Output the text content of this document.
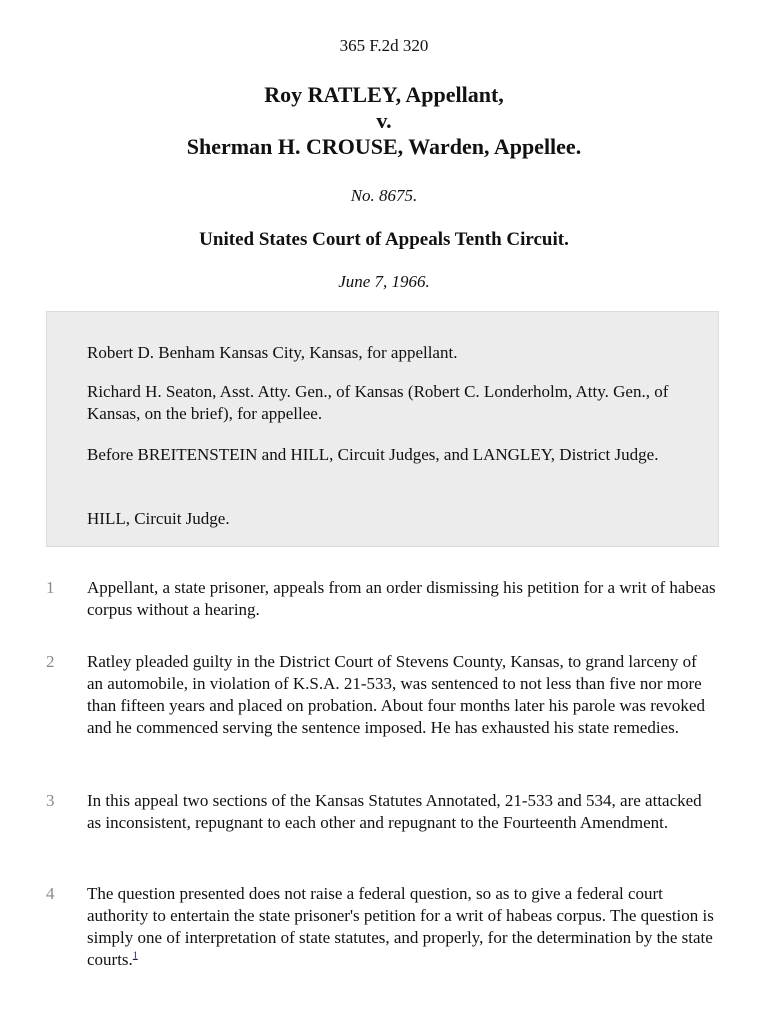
365 F.2d 320
Roy RATLEY, Appellant,
v.
Sherman H. CROUSE, Warden, Appellee.
No. 8675.
United States Court of Appeals Tenth Circuit.
June 7, 1966.

Robert D. Benham Kansas City, Kansas, for appellant.

Richard H. Seaton, Asst. Atty. Gen., of Kansas (Robert C. Londerholm, Atty. Gen., of Kansas, on the brief), for appellee.

Before BREITENSTEIN and HILL, Circuit Judges, and LANGLEY, District Judge.

HILL, Circuit Judge.

1 Appellant, a state prisoner, appeals from an order dismissing his petition for a writ of habeas corpus without a hearing.

2 Ratley pleaded guilty in the District Court of Stevens County, Kansas, to grand larceny of an automobile, in violation of K.S.A. 21-533, was sentenced to not less than five nor more than fifteen years and placed on probation. About four months later his parole was revoked and he commenced serving the sentence imposed. He has exhausted his state remedies.

3 In this appeal two sections of the Kansas Statutes Annotated, 21-533 and 534, are attacked as inconsistent, repugnant to each other and repugnant to the Fourteenth Amendment.

4 The question presented does not raise a federal question, so as to give a federal court authority to entertain the state prisoner's petition for a writ of habeas corpus. The question is simply one of interpretation of state statutes, and properly, for the determination by the state courts.$^1$
